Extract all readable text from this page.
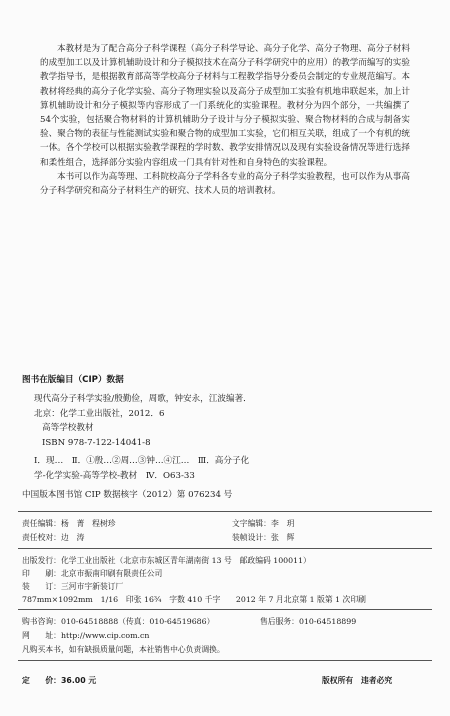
本教材是为了配合高分子科学课程（高分子科学导论、高分子化学、高分子物理、高分子材料的成型加工以及计算机辅助设计和分子模拟技术在高分子科学研究中的应用）的教学而编写的实验教学指导书，是根据教育部高等学校高分子材料与工程教学指导分委员会制定的专业规范编写。本教材将经典的高分子化学实验、高分子物理实验以及高分子成型加工实验有机地串联起来，加上计算机辅助设计和分子模拟等内容形成了一门系统化的实验课程。教材分为四个部分，一共编撰了54个实验，包括聚合物材料的计算机辅助分子设计与分子模拟实验、聚合物材料的合成与制备实验、聚合物的表征与性能测试实验和聚合物的成型加工实验，它们相互关联，组成了一个有机的统一体。各个学校可以根据实验教学课程的学时数、教学安排情况以及现有实验设备情况等进行选择和柔性组合，选择部分实验内容组成一门具有针对性和自身特色的实验课程。

本书可以作为高等理、工科院校高分子学科各专业的高分子科学实验教程，也可以作为从事高分子科学研究和高分子材料生产的研究、技术人员的培训教材。

图书在版编目（CIP）数据
现代高分子科学实验/殷勤俭，周歌，钟安永，江波编著．
北京：化学工业出版社，2012．6
高等学校教材
ISBN 978-7-122-14041-8
Ⅰ．现…　Ⅱ．①殷…②周…③钟…④江…　Ⅲ．高分子化
学-化学实验-高等学校-教材　Ⅳ．O63-33
中国版本图书馆 CIP 数据核字（2012）第 076234 号
责任编辑：杨　菁　程树珍	文字编辑：李　玥
责任校对：边　涛	装帧设计：张　辉
出版发行：化学工业出版社（北京市东城区青年湖南街 13 号　邮政编码 100011）
印　　刷：北京市振南印刷有限责任公司
装　　订：三河市宇新装订厂
787mm×1092mm　1/16　印张 16¾　字数 410 千字　　2012 年 7 月北京第 1 版第 1 次印刷
购书咨询：010-64518888（传真：010-64519686）	售后服务：010-64518899
网　　址：http://www.cip.com.cn
凡购买本书，如有缺损质量问题，本社销售中心负责调换。
定　　价：36.00 元	版权所有　违者必究
